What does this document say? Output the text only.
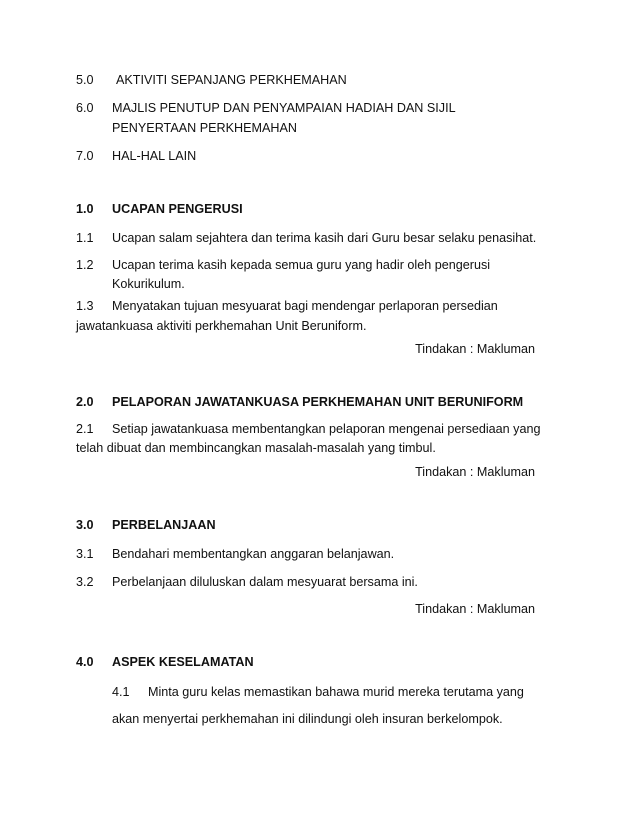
5.0 AKTIVITI SEPANJANG PERKHEMAHAN
6.0 MAJLIS PENUTUP DAN PENYAMPAIAN HADIAH DAN SIJIL
PENYERTAAN PERKHEMAHAN
7.0 HAL-HAL LAIN
1.0 UCAPAN PENGERUSI
1.1 Ucapan salam sejahtera dan terima kasih dari Guru besar selaku penasihat.
1.2 Ucapan terima kasih kepada semua guru yang hadir oleh pengerusi
Kokurikulum.
1.3 Menyatakan tujuan mesyuarat bagi mendengar perlaporan persedian
jawatankuasa aktiviti perkhemahan Unit Beruniform.
Tindakan : Makluman
2.0 PELAPORAN JAWATANKUASA PERKHEMAHAN UNIT BERUNIFORM
2.1 Setiap jawatankuasa membentangkan pelaporan mengenai persediaan yang
telah dibuat dan membincangkan masalah-masalah yang timbul.
Tindakan : Makluman
3.0 PERBELANJAAN
3.1 Bendahari membentangkan anggaran belanjawan.
3.2 Perbelanjaan diluluskan dalam mesyuarat bersama ini.
Tindakan : Makluman
4.0 ASPEK KESELAMATAN
4.1 Minta guru kelas memastikan bahawa murid mereka terutama yang
akan menyertai perkhemahan ini dilindungi oleh insuran berkelompok.
